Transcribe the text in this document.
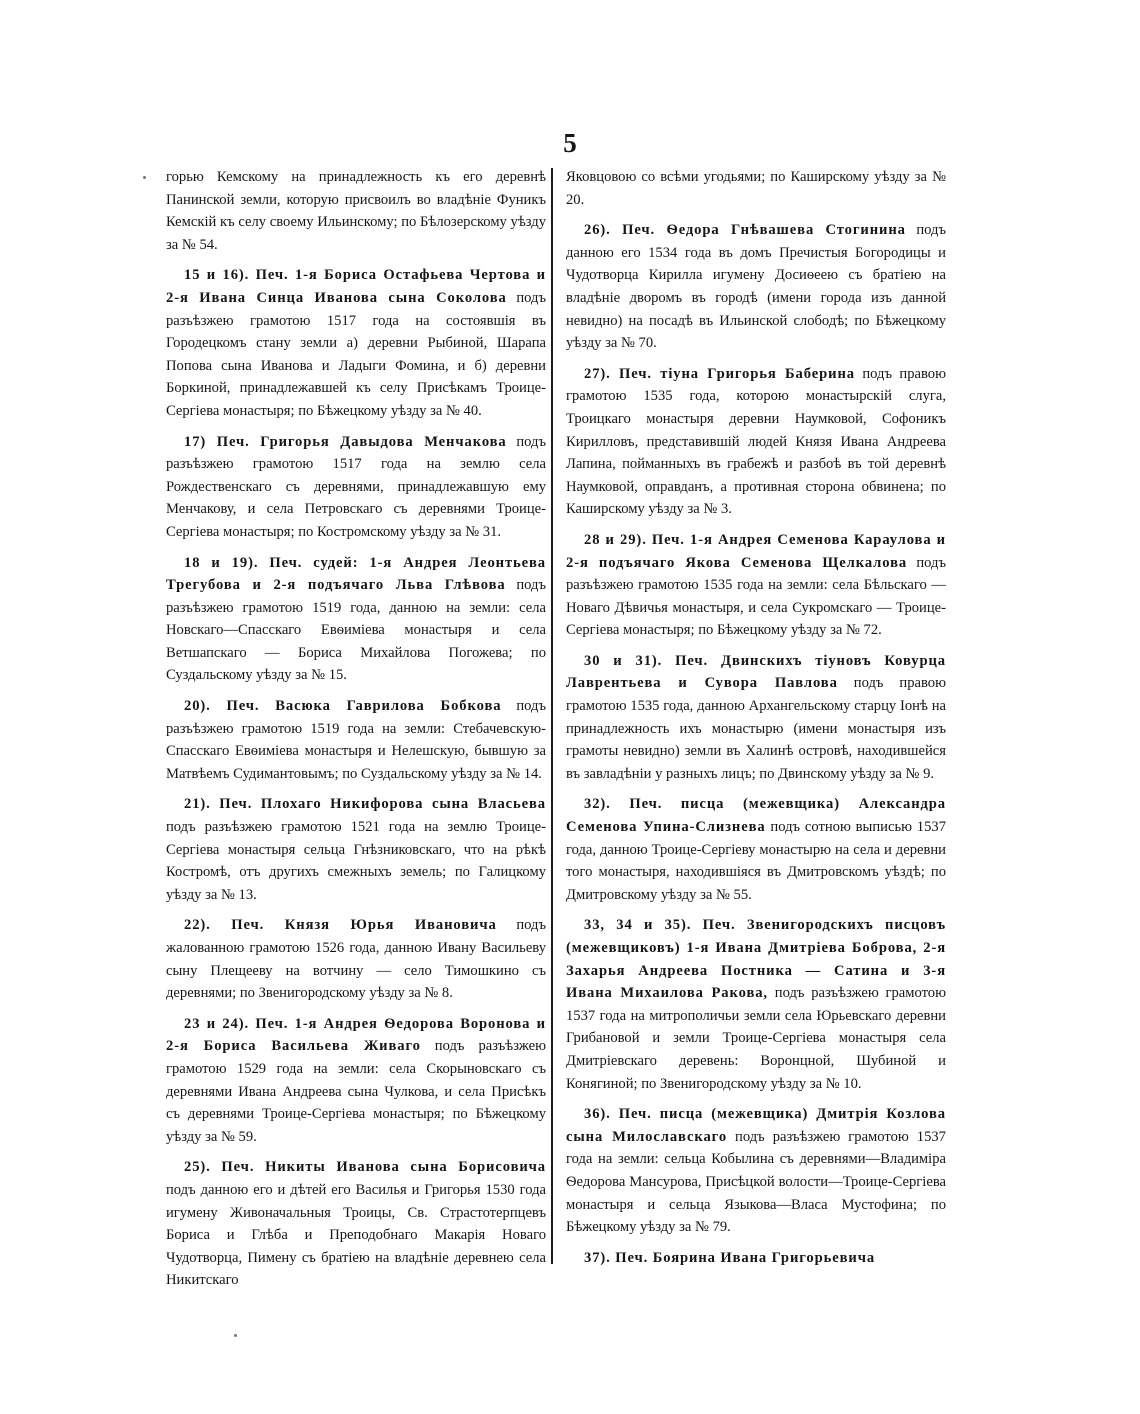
5

горью Кемскому на принадлежность къ его деревнѣ Панинской земли, которую присвоилъ во владѣніе Фуникъ Кемскій къ селу своему Ильинскому; по Бѣлозерскому уѣзду за № 54.

15 и 16). Печ. 1-я Бориса Остафьева Чертова и 2-я Ивана Синца Иванова сына Соколова подъ разъѣзжею грамотою 1517 года на состоявшія въ Городецкомъ стану земли а) деревни Рыбиной, Шарапа Попова сына Иванова и Ладыги Фомина, и б) деревни Боркиной, принадлежавшей къ селу Присѣкамъ Троице-Сергіева монастыря; по Бѣжецкому уѣзду за № 40.

17) Печ. Григорья Давыдова Менчакова подъ разъѣзжею грамотою 1517 года на землю села Рождественскаго съ деревнями, принадлежавшую ему Менчакову, и села Петровскаго съ деревнями Троице-Сергіева монастыря; по Костромскому уѣзду за № 31.

18 и 19). Печ. судей: 1-я Андрея Леонтьева Трегубова и 2-я подъячаго Льва Глѣвова подъ разъѣзжею грамотою 1519 года, данною на земли: села Новскаго—Спасскаго Евѳиміева монастыря и села Ветшапскаго — Бориса Михайлова Погожева; по Суздальскому уѣзду за № 15.

20). Печ. Васюка Гаврилова Бобкова подъ разъѣзжею грамотою 1519 года на земли: Стебачевскую-Спасскаго Евѳиміева монастыря и Нелешскую, бывшую за Матвѣемъ Судимантовымъ; по Суздальскому уѣзду за № 14.

21). Печ. Плохаго Никифорова сына Власьева подъ разъѣзжею грамотою 1521 года на землю Троице-Сергіева монастыря сельца Гнѣзниковскаго, что на рѣкѣ Костромѣ, отъ другихъ смежныхъ земель; по Галицкому уѣзду за № 13.

22). Печ. Князя Юрья Ивановича подъ жалованною грамотою 1526 года, данною Ивану Васильеву сыну Плещееву на вотчину — село Тимошкино съ деревнями; по Звенигородскому уѣзду за № 8.

23 и 24). Печ. 1-я Андрея Ѳедорова Воронова и 2-я Бориса Васильева Живаго подъ разъѣзжею грамотою 1529 года на земли: села Скорыновскаго съ деревнями Ивана Андреева сына Чулкова, и села Присѣкъ съ деревнями Троице-Сергіева монастыря; по Бѣжецкому уѣзду за № 59.

25). Печ. Никиты Иванова сына Борисовича подъ данною его и дѣтей его Василья и Григорья 1530 года игумену Живоначальныя Троицы, Св. Страстотерпцевъ Бориса и Глѣба и Преподобнаго Макарія Новаго Чудотворца, Пимену съ братіею на владѣніе деревнею села Никитскаго

Яковцовою со всѣми угодьями; по Каширскому уѣзду за № 20.

26). Печ. Ѳедора Гнѣвашева Стогинина подъ данною его 1534 года въ домъ Пречистыя Богородицы и Чудотворца Кирилла игумену Досиѳеею съ братіею на владѣніе дворомъ въ городѣ (имени города изъ данной невидно) на посадѣ въ Ильинской слободѣ; по Бѣжецкому уѣзду за № 70.

27). Печ. тіуна Григорья Баберина подъ правою грамотою 1535 года, которою монастырскій слуга, Троицкаго монастыря деревни Наумковой, Софоникъ Кирилловъ, представившій людей Князя Ивана Андреева Лапина, пойманныхъ въ грабежѣ и разбоѣ въ той деревнѣ Наумковой, оправданъ, а противная сторона обвинена; по Каширскому уѣзду за № 3.

28 и 29). Печ. 1-я Андрея Семенова Караулова и 2-я подъячаго Якова Семенова Щелкалова подъ разъѣзжею грамотою 1535 года на земли: села Бѣльскаго — Новаго Дѣвичья монастыря, и села Сукромскаго — Троице-Сергіева монастыря; по Бѣжецкому уѣзду за № 72.

30 и 31). Печ. Двинскихъ тіуновъ Ковурца Лаврентьева и Сувора Павлова подъ правою грамотою 1535 года, данною Архангельскому старцу Іонѣ на принадлежность ихъ монастырю (имени монастыря изъ грамоты невидно) земли въ Халинѣ островѣ, находившейся въ завладѣніи у разныхъ лицъ; по Двинскому уѣзду за № 9.

32). Печ. писца (межевщика) Александра Семенова Упина-Слизнева подъ сотною выписью 1537 года, данною Троице-Сергіеву монастырю на села и деревни того монастыря, находившіяся въ Дмитровскомъ уѣздѣ; по Дмитровскому уѣзду за № 55.

33, 34 и 35). Печ. Звенигородскихъ писцовъ (межевщиковъ) 1-я Ивана Дмитріева Боброва, 2-я Захарья Андреева Постника — Сатина и 3-я Ивана Михаилова Ракова, подъ разъѣзжею грамотою 1537 года на митрополичьи земли села Юрьевскаго деревни Грибановой и земли Троице-Сергіева монастыря села Дмитріевскаго деревень: Воронцной, Шубиной и Конягиной; по Звенигородскому уѣзду за № 10.

36). Печ. писца (межевщика) Дмитрія Козлова сына Милославскаго подъ разъѣзжею грамотою 1537 года на земли: сельца Кобылина съ деревнями—Владиміра Ѳедорова Мансурова, Присѣцкой волости—Троице-Сергіева монастыря и сельца Языкова—Власа Мустофина; по Бѣжецкому уѣзду за № 79.

37). Печ. Боярина Ивана Григорьевича
